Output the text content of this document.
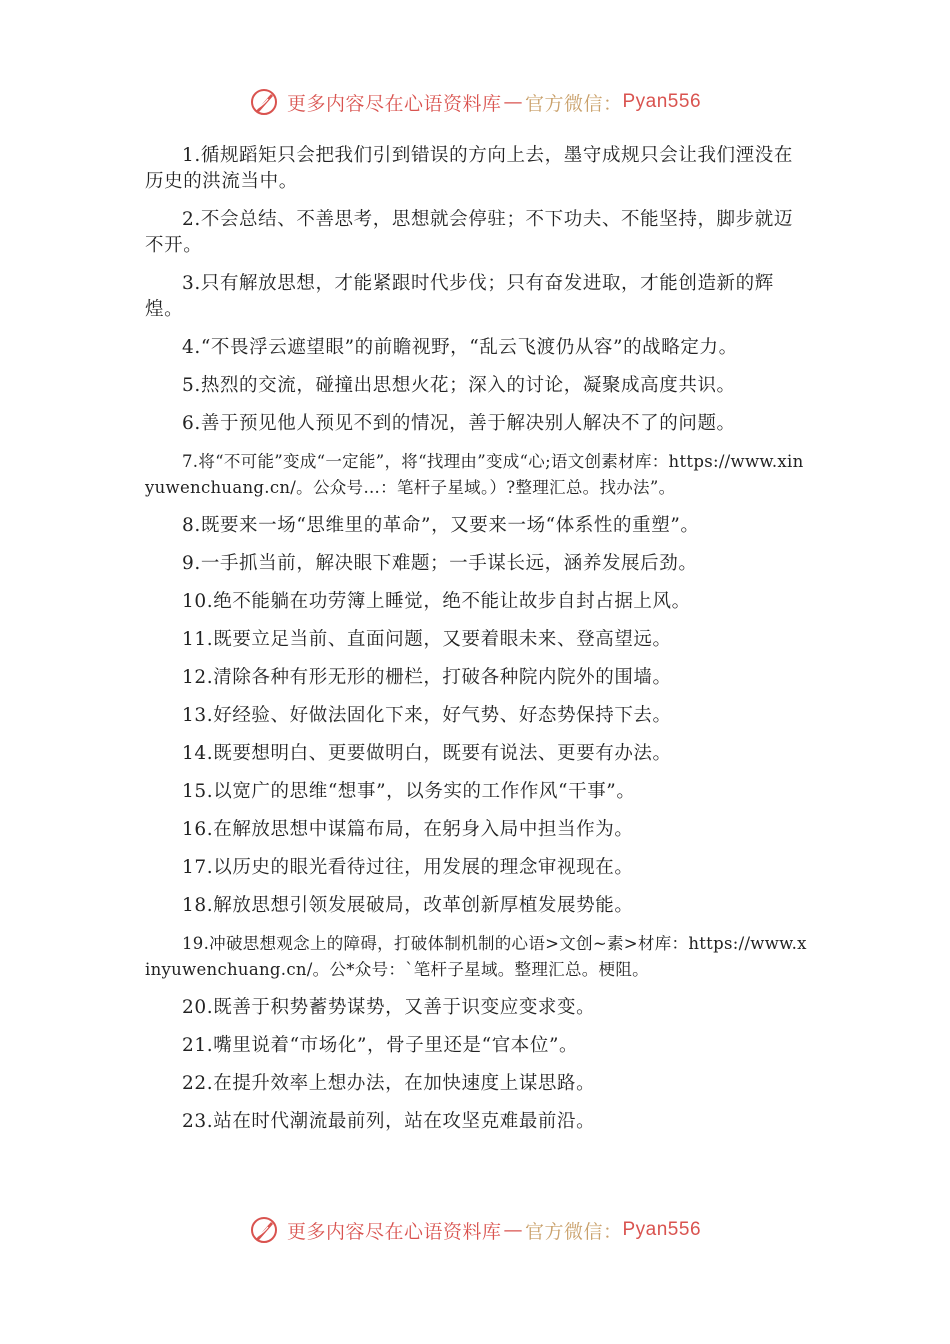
更多内容尽在心语资料库 — 官方微信： Pyan556

1.循规蹈矩只会把我们引到错误的方向上去，墨守成规只会让我们湮没在历史的洪流当中。

2.不会总结、不善思考，思想就会停驻；不下功夫、不能坚持，脚步就迈不开。

3.只有解放思想，才能紧跟时代步伐；只有奋发进取，才能创造新的辉煌。

4.“不畏浮云遮望眼”的前瞻视野，“乱云飞渡仍从容”的战略定力。

5.热烈的交流，碰撞出思想火花；深入的讨论，凝聚成高度共识。

6.善于预见他人预见不到的情况，善于解决别人解决不了的问题。

7.将“不可能”变成“一定能”，将“找理由”变成“心;语文创素材库：https://www.xinyuwenchuang.cn/。公众号…：笔杆子星域。）?整理汇总。找办法”。

8.既要来一场“思维里的革命”，又要来一场“体系性的重塑”。

9.一手抓当前，解决眼下难题；一手谋长远，涵养发展后劲。

10.绝不能躺在功劳簿上睡觉，绝不能让故步自封占据上风。

11.既要立足当前、直面问题，又要着眼未来、登高望远。

12.清除各种有形无形的栅栏，打破各种院内院外的围墙。

13.好经验、好做法固化下来，好气势、好态势保持下去。

14.既要想明白、更要做明白，既要有说法、更要有办法。

15.以宽广的思维“想事”，以务实的工作作风“干事”。

16.在解放思想中谋篇布局，在躬身入局中担当作为。

17.以历史的眼光看待过往，用发展的理念审视现在。

18.解放思想引领发展破局，改革创新厚植发展势能。

19.冲破思想观念上的障碍，打破体制机制的心语>文创~素>材库：https://www.xinyuwenchuang.cn/。公*众号：`笔杆子星域。整理汇总。梗阻。

20.既善于积势蓄势谋势，又善于识变应变求变。

21.嘴里说着“市场化”，骨子里还是“官本位”。

22.在提升效率上想办法，在加快速度上谋思路。

23.站在时代潮流最前列，站在攻坚克难最前沿。

更多内容尽在心语资料库 — 官方微信： Pyan556
